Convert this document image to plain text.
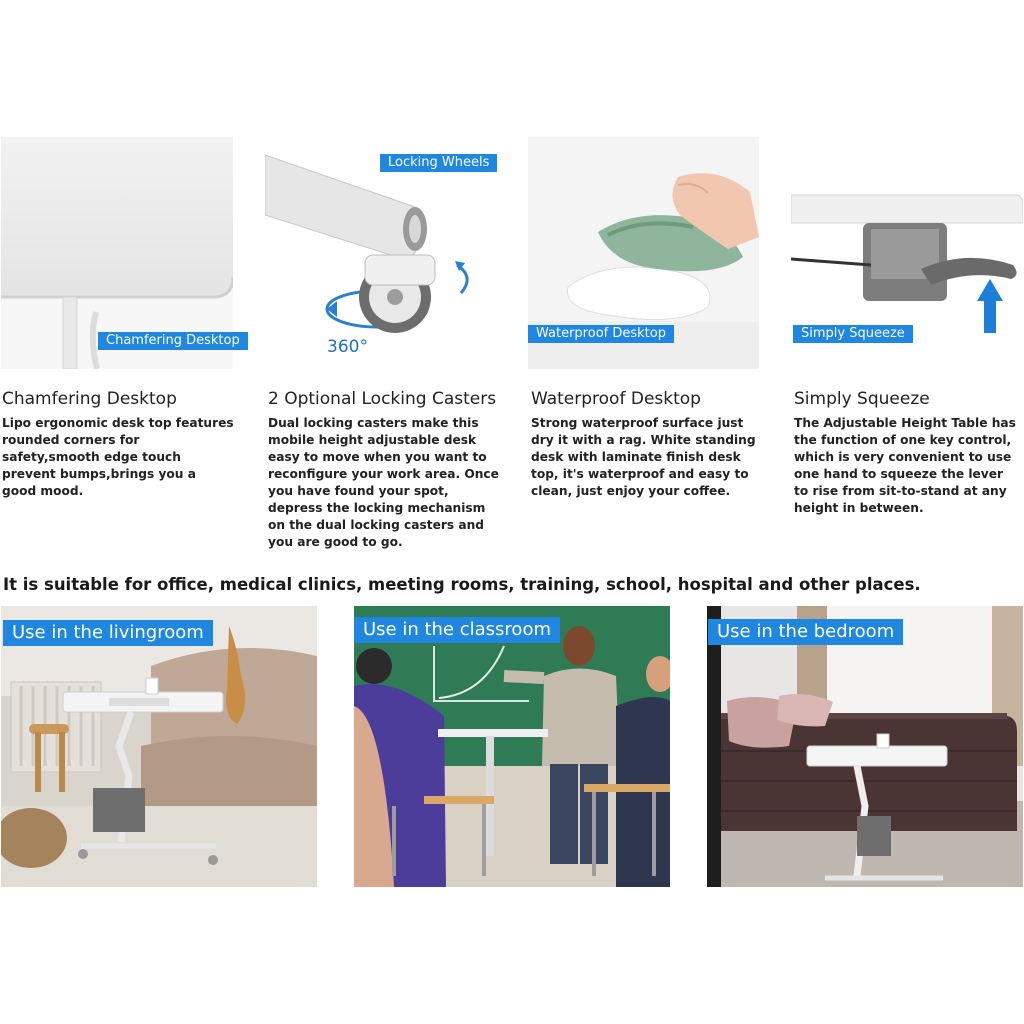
Chamfering Desktop
Locking Wheels
360°
Waterproof Desktop	Simply Squeeze
Chamfering Desktop
Lipo ergonomic desk top features rounded corners for safety,smooth edge touch prevent bumps,brings you a good mood.
2 Optional Locking Casters
Dual locking casters make this mobile height adjustable desk easy to move when you want to reconfigure your work area. Once you have found your spot, depress the locking mechanism on the dual locking casters and you are good to go.
Waterproof Desktop
Strong waterproof surface just dry it with a rag. White standing desk with laminate finish desk top, it's waterproof and easy to clean, just enjoy your coffee.
Simply Squeeze
The Adjustable Height Table has the function of one key control, which is very convenient to use one hand to squeeze the lever to rise from sit-to-stand at any height in between.
It is suitable for office, medical clinics, meeting rooms, training, school, hospital and other places.
Use in the livingroom	Use in the classroom	Use in the bedroom
